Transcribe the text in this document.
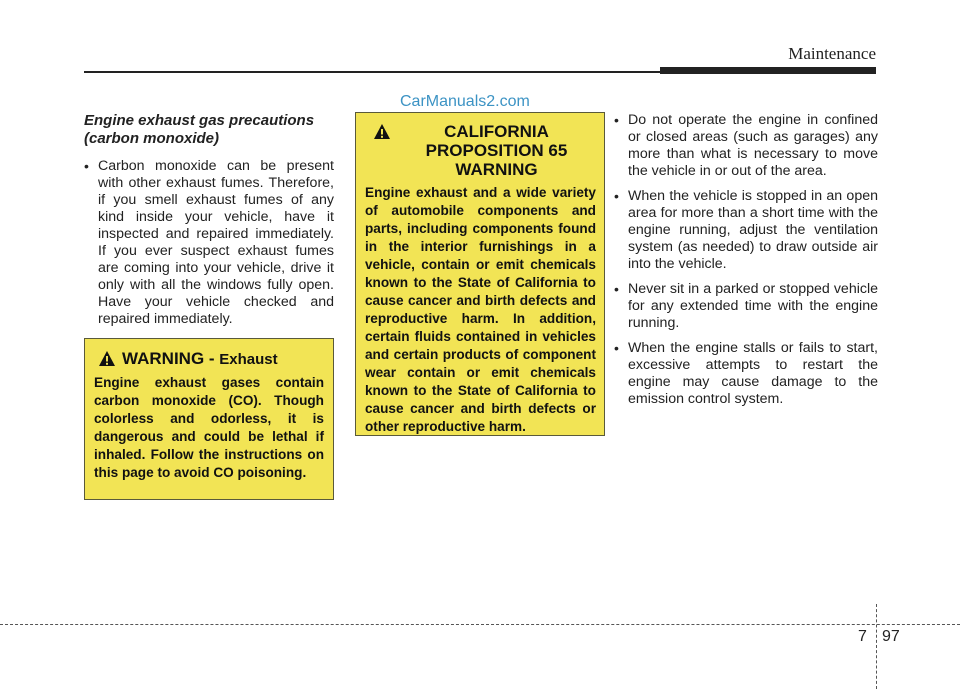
Maintenance
CarManuals2.com
Engine exhaust gas precautions
(carbon monoxide)
• Carbon monoxide can be present with other exhaust fumes. Therefore, if you smell exhaust fumes of any kind inside your vehicle, have it inspected and repaired immediately. If you ever suspect exhaust fumes are coming into your vehicle, drive it only with all the windows fully open. Have your vehicle checked and repaired immediately.
WARNING - Exhaust

Engine exhaust gases contain carbon monoxide (CO). Though colorless and odorless, it is dangerous and could be lethal if inhaled. Follow the instructions on this page to avoid CO poisoning.

CALIFORNIA PROPOSITION 65 WARNING

Engine exhaust and a wide variety of automobile components and parts, including components found in the interior furnishings in a vehicle, contain or emit chemicals known to the State of California to cause cancer and birth defects and reproductive harm. In addition, certain fluids contained in vehicles and certain products of component wear contain or emit chemicals known to the State of California to cause cancer and birth defects or other reproductive harm.

• Do not operate the engine in confined or closed areas (such as garages) any more than what is necessary to move the vehicle in or out of the area.
• When the vehicle is stopped in an open area for more than a short time with the engine running, adjust the ventilation system (as needed) to draw outside air into the vehicle.
• Never sit in a parked or stopped vehicle for any extended time with the engine running.
• When the engine stalls or fails to start, excessive attempts to restart the engine may cause damage to the emission control system.
7 97
